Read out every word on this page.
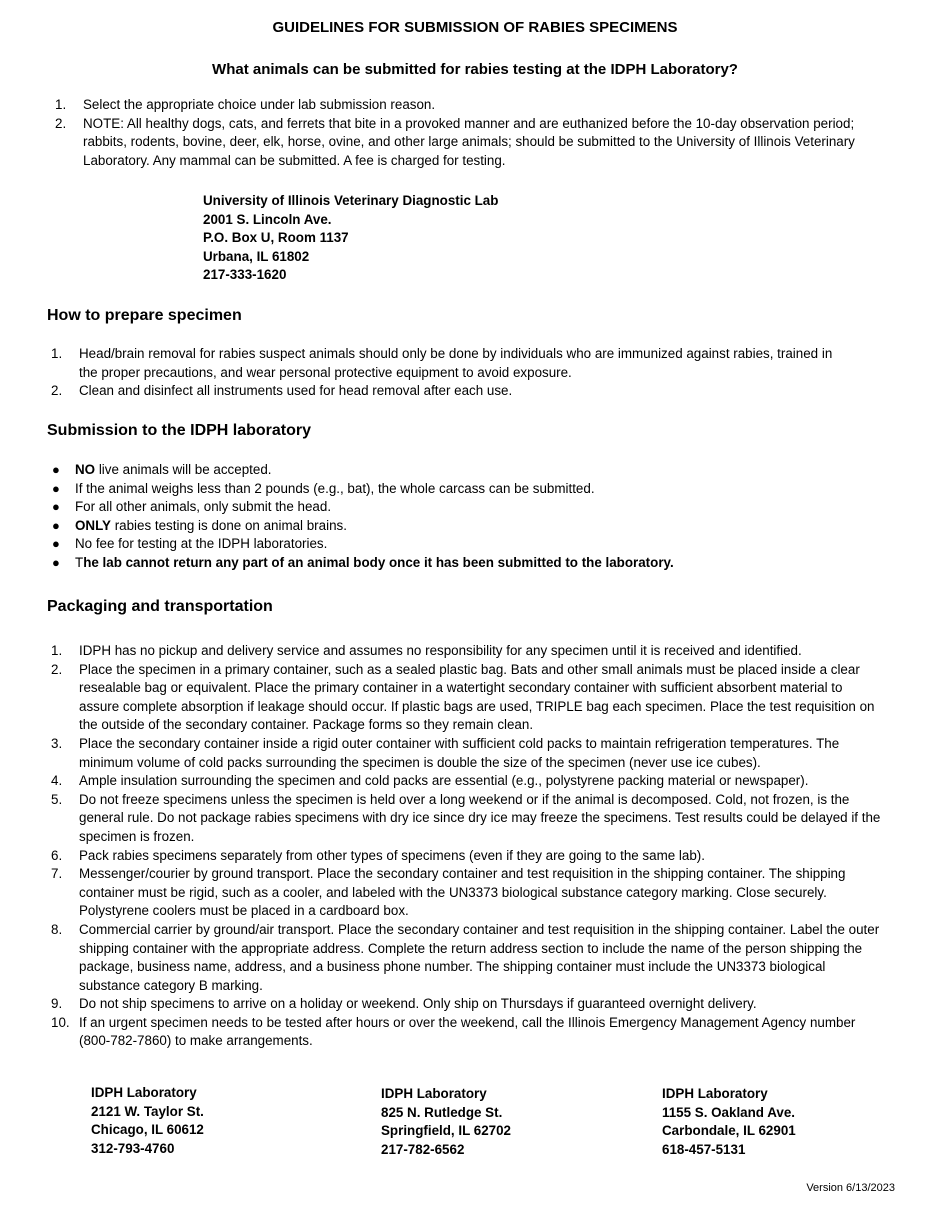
GUIDELINES FOR SUBMISSION OF RABIES SPECIMENS
What animals can be submitted for rabies testing at the IDPH Laboratory?
1.	Select the appropriate choice under lab submission reason.
2.	NOTE: All healthy dogs, cats, and ferrets that bite in a provoked manner and are euthanized before the 10-day observation period; rabbits, rodents, bovine, deer, elk, horse, ovine, and other large animals; should be submitted to the University of Illinois Veterinary Laboratory. Any mammal can be submitted. A fee is charged for testing.
University of Illinois Veterinary Diagnostic Lab
2001 S. Lincoln Ave.
P.O. Box U, Room 1137
Urbana, IL 61802
217-333-1620
How to prepare specimen
1.	Head/brain removal for rabies suspect animals should only be done by individuals who are immunized against rabies, trained in the proper precautions, and wear personal protective equipment to avoid exposure.
2.	Clean and disinfect all instruments used for head removal after each use.
Submission to the IDPH laboratory
● NO live animals will be accepted.
● If the animal weighs less than 2 pounds (e.g., bat), the whole carcass can be submitted.
● For all other animals, only submit the head.
● ONLY rabies testing is done on animal brains.
● No fee for testing at the IDPH laboratories.
● The lab cannot return any part of an animal body once it has been submitted to the laboratory.
Packaging and transportation
1.	IDPH has no pickup and delivery service and assumes no responsibility for any specimen until it is received and identified.
2.	Place the specimen in a primary container, such as a sealed plastic bag. Bats and other small animals must be placed inside a clear resealable bag or equivalent. Place the primary container in a watertight secondary container with sufficient absorbent material to assure complete absorption if leakage should occur. If plastic bags are used, TRIPLE bag each specimen. Place the test requisition on the outside of the secondary container. Package forms so they remain clean.
3.	Place the secondary container inside a rigid outer container with sufficient cold packs to maintain refrigeration temperatures. The minimum volume of cold packs surrounding the specimen is double the size of the specimen (never use ice cubes).
4.	Ample insulation surrounding the specimen and cold packs are essential (e.g., polystyrene packing material or newspaper).
5.	Do not freeze specimens unless the specimen is held over a long weekend or if the animal is decomposed. Cold, not frozen, is the general rule. Do not package rabies specimens with dry ice since dry ice may freeze the specimens. Test results could be delayed if the specimen is frozen.
6.	Pack rabies specimens separately from other types of specimens (even if they are going to the same lab).
7.	Messenger/courier by ground transport. Place the secondary container and test requisition in the shipping container. The shipping container must be rigid, such as a cooler, and labeled with the UN3373 biological substance category marking. Close securely. Polystyrene coolers must be placed in a cardboard box.
8.	Commercial carrier by ground/air transport. Place the secondary container and test requisition in the shipping container. Label the outer shipping container with the appropriate address. Complete the return address section to include the name of the person shipping the package, business name, address, and a business phone number. The shipping container must include the UN3373 biological substance category B marking.
9.	Do not ship specimens to arrive on a holiday or weekend. Only ship on Thursdays if guaranteed overnight delivery.
10. If an urgent specimen needs to be tested after hours or over the weekend, call the Illinois Emergency Management Agency number (800-782-7860) to make arrangements.
IDPH Laboratory
2121 W. Taylor St.
Chicago, IL 60612
312-793-4760
IDPH Laboratory
825 N. Rutledge St.
Springfield, IL 62702
217-782-6562
IDPH Laboratory
1155 S. Oakland Ave.
Carbondale, IL 62901
618-457-5131
Version 6/13/2023
